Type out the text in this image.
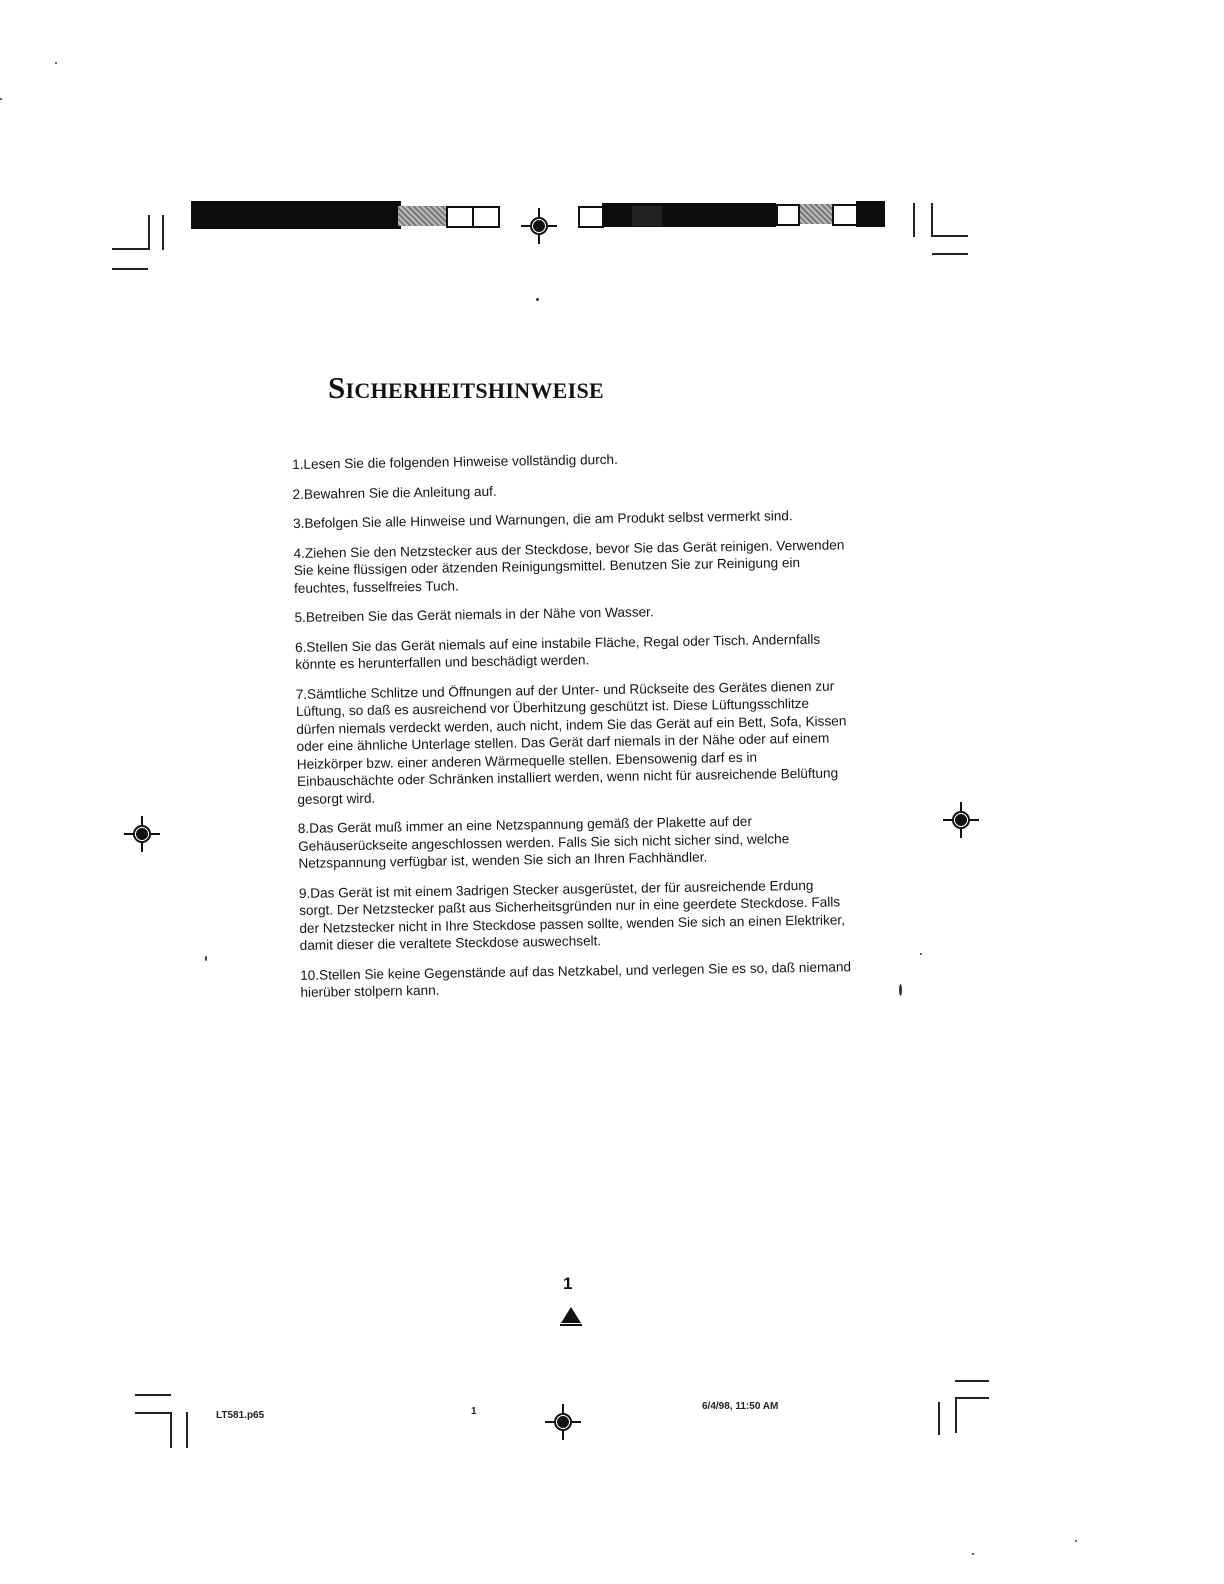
Sicherheitshinweise

1.Lesen Sie die folgenden Hinweise vollständig durch.

2.Bewahren Sie die Anleitung auf.

3.Befolgen Sie alle Hinweise und Warnungen, die am Produkt selbst vermerkt sind.

4.Ziehen Sie den Netzstecker aus der Steckdose, bevor Sie das Gerät reinigen. Verwenden Sie keine flüssigen oder ätzenden Reinigungsmittel. Benutzen Sie zur Reinigung ein feuchtes, fusselfreies Tuch.

5.Betreiben Sie das Gerät niemals in der Nähe von Wasser.

6.Stellen Sie das Gerät niemals auf eine instabile Fläche, Regal oder Tisch. Andernfalls könnte es herunterfallen und beschädigt werden.

7.Sämtliche Schlitze und Öffnungen auf der Unter- und Rückseite des Gerätes dienen zur Lüftung, so daß es ausreichend vor Überhitzung geschützt ist. Diese Lüftungsschlitze dürfen niemals verdeckt werden, auch nicht, indem Sie das Gerät auf ein Bett, Sofa, Kissen oder eine ähnliche Unterlage stellen. Das Gerät darf niemals in der Nähe oder auf einem Heizkörper bzw. einer anderen Wärmequelle stellen. Ebensowenig darf es in Einbauschächte oder Schränken installiert werden, wenn nicht für ausreichende Belüftung gesorgt wird.

8.Das Gerät muß immer an eine Netzspannung gemäß der Plakette auf der Gehäuserückseite angeschlossen werden. Falls Sie sich nicht sicher sind, welche Netzspannung verfügbar ist, wenden Sie sich an Ihren Fachhändler.

9.Das Gerät ist mit einem 3adrigen Stecker ausgerüstet, der für ausreichende Erdung sorgt. Der Netzstecker paßt aus Sicherheitsgründen nur in eine geerdete Steckdose. Falls der Netzstecker nicht in Ihre Steckdose passen sollte, wenden Sie sich an einen Elektriker, damit dieser die veraltete Steckdose auswechselt.

10.Stellen Sie keine Gegenstände auf das Netzkabel, und verlegen Sie es so, daß niemand hierüber stolpern kann.

1
LT581.p65	1	6/4/98, 11:50 AM
